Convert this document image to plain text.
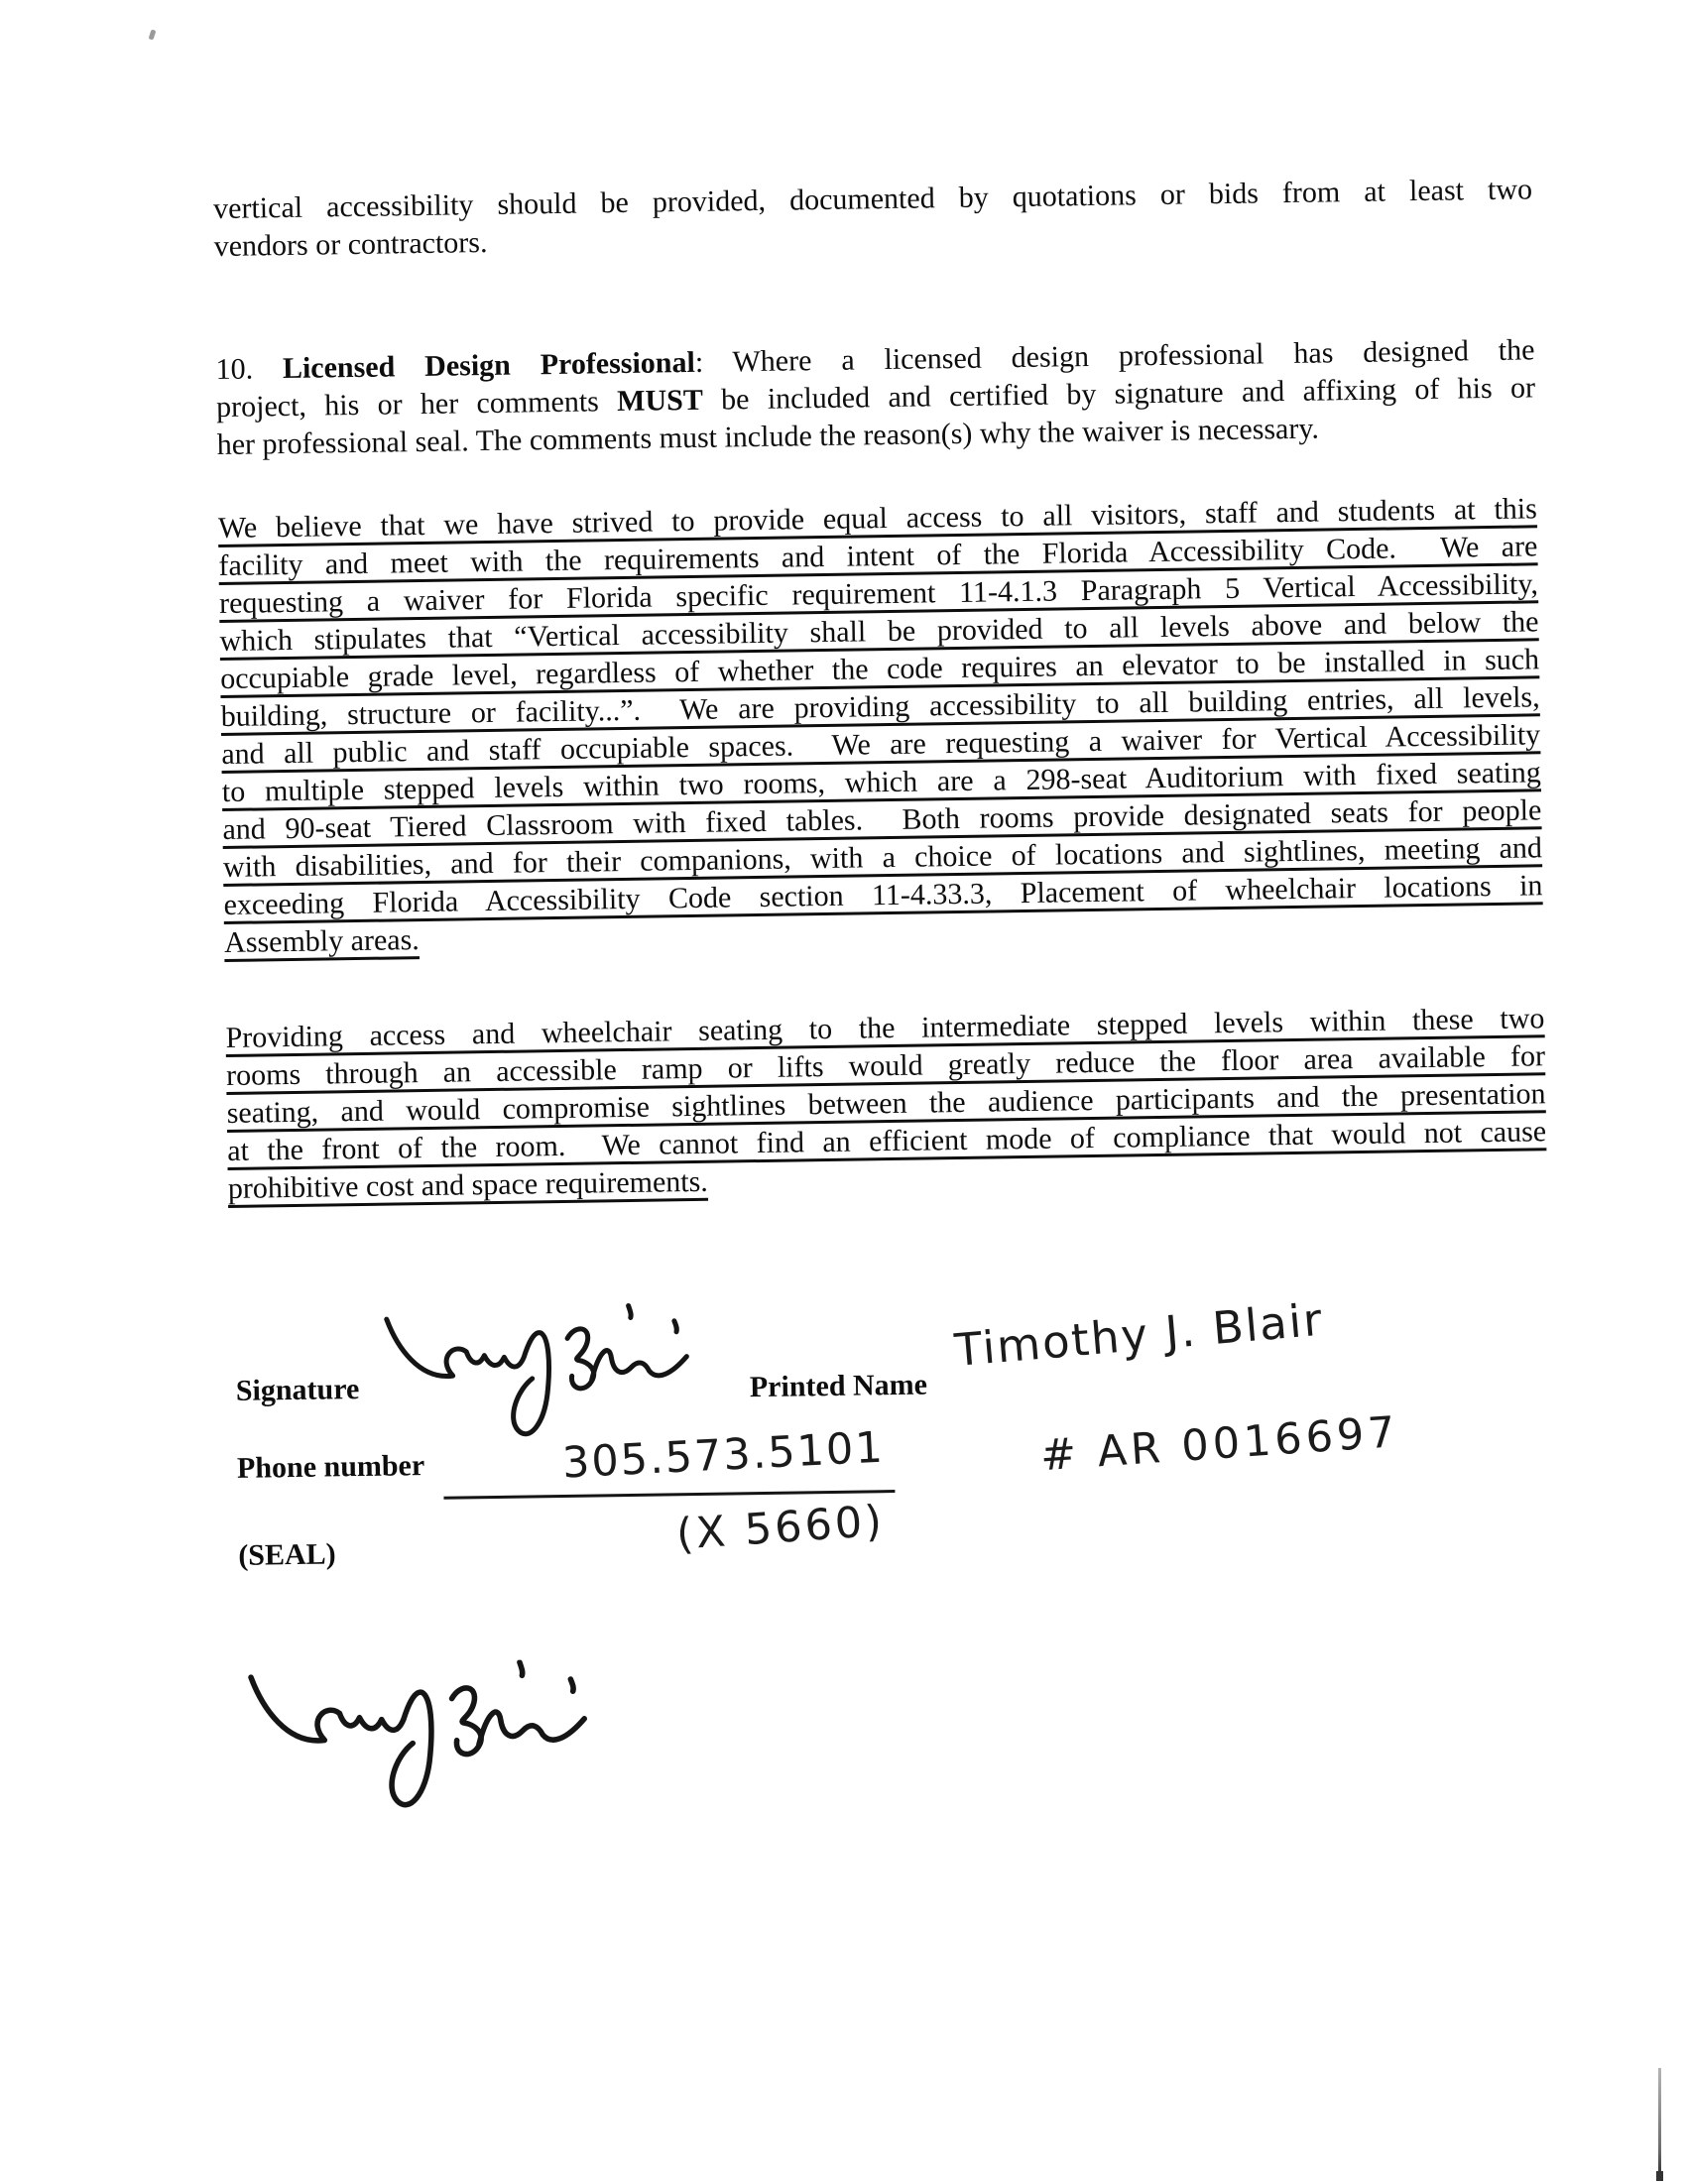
vertical accessibility should be provided, documented by quotations or bids from at least two
vendors or contractors.
10. Licensed Design Professional: Where a licensed design professional has designed the
project, his or her comments MUST be included and certified by signature and affixing of his or
her professional seal. The comments must include the reason(s) why the waiver is necessary.
We believe that we have strived to provide equal access to all visitors, staff and students at this
facility and meet with the requirements and intent of the Florida Accessibility Code.  We are
requesting a waiver for Florida specific requirement 11-4.1.3 Paragraph 5 Vertical Accessibility,
which stipulates that “Vertical accessibility shall be provided to all levels above and below the
occupiable grade level, regardless of whether the code requires an elevator to be installed in such
building, structure or facility...”.  We are providing accessibility to all building entries, all levels,
and all public and staff occupiable spaces.  We are requesting a waiver for Vertical Accessibility
to multiple stepped levels within two rooms, which are a 298-seat Auditorium with fixed seating
and 90-seat Tiered Classroom with fixed tables.  Both rooms provide designated seats for people
with disabilities, and for their companions, with a choice of locations and sightlines, meeting and
exceeding Florida Accessibility Code section 11-4.33.3, Placement of wheelchair locations in
Assembly areas.
Providing access and wheelchair seating to the intermediate stepped levels within these two
rooms through an accessible ramp or lifts would greatly reduce the floor area available for
seating, and would compromise sightlines between the audience participants and the presentation
at the front of the room.  We cannot find an efficient mode of compliance that would not cause
prohibitive cost and space requirements.
Signature	Printed Name
Timothy J. Blair
Phone number	305.573.5101	# AR 0016697
(X 5660)
(SEAL)
